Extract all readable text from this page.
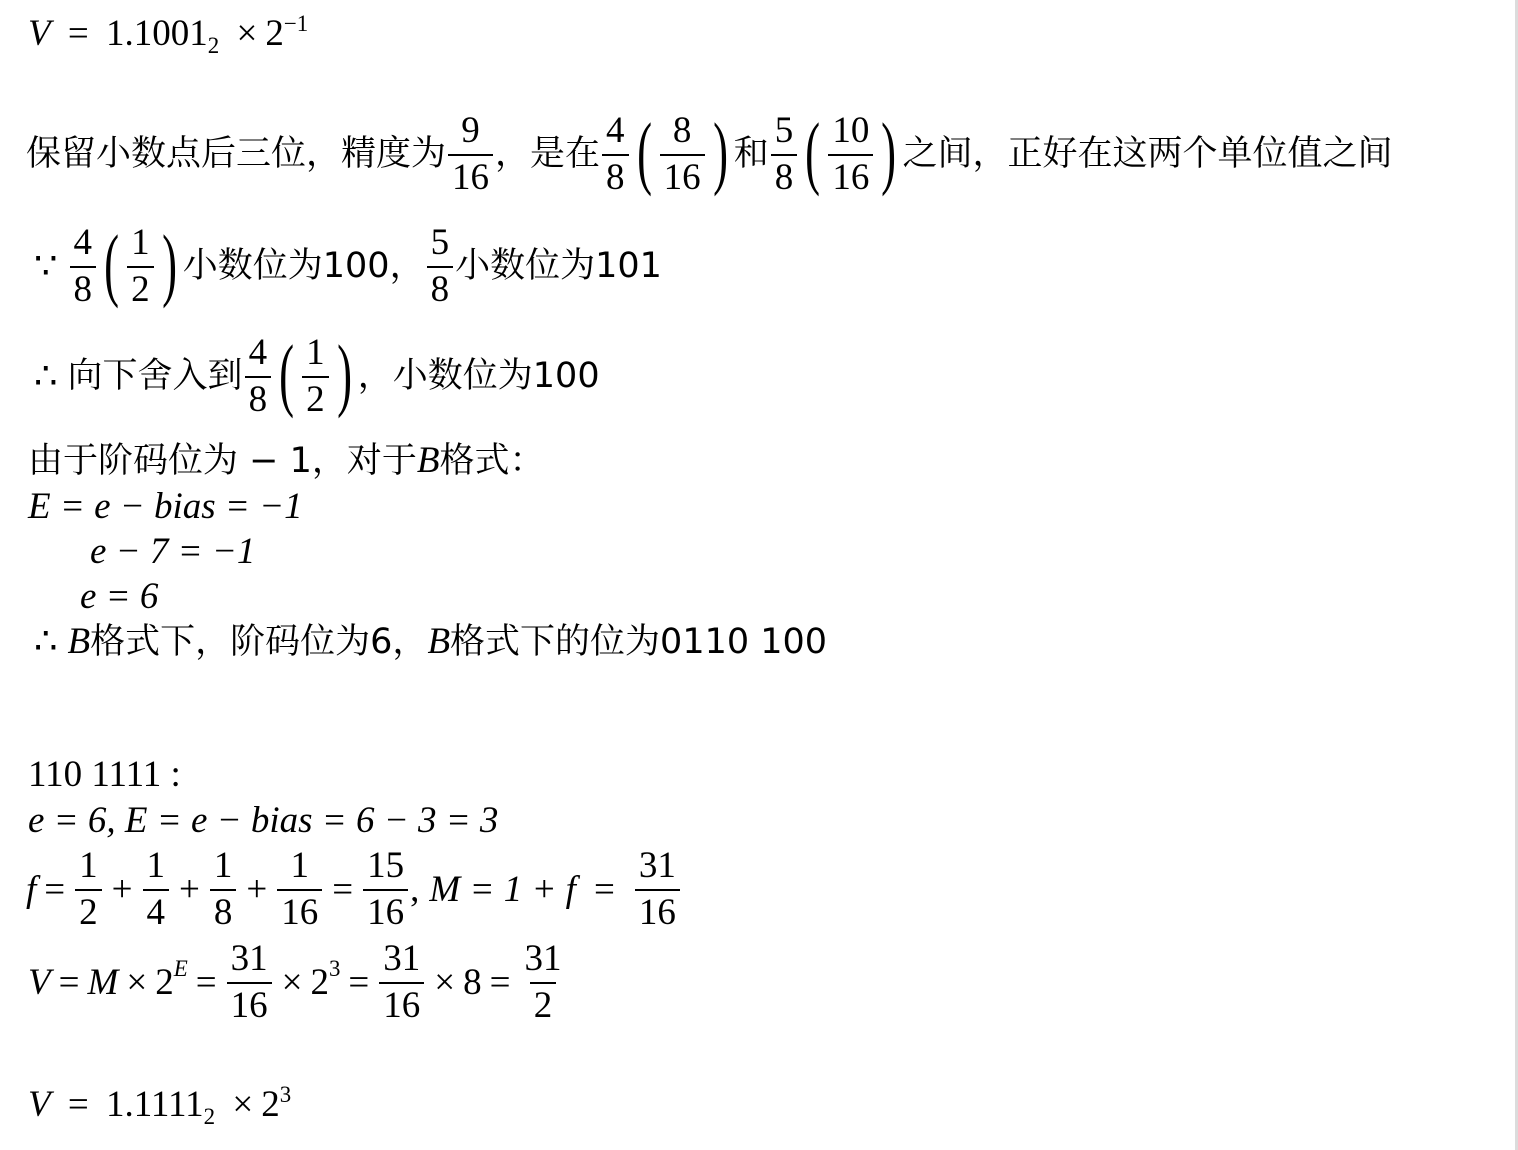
$V = 1.1001_2 \times 2^{-1}$
保留小数点后三位，精度为 $\frac{9}{16}$ ，是在 $\frac{4}{8}$ ( $\frac{8}{16}$ ) 和 $\frac{5}{8}$ ( $\frac{10}{16}$ ) 之间，正好在这两个单位值之间
∵ $\frac{4}{8}$ ( $\frac{1}{2}$ ) 小数位为100， $\frac{5}{8}$ 小数位为101
∴ 向下舍入到 $\frac{4}{8}$ ( $\frac{1}{2}$ ) ，小数位为100
由于阶码位为 − 1，对于B格式：
E = e − bias = −1
e − 7 = −1
e = 6
∴ B格式下，阶码位为6，B格式下的位为0110 100
110 1111 :
e = 6, E = e − bias = 6 − 3 = 3
$f = \frac{1}{2} + \frac{1}{4} + \frac{1}{8} + \frac{1}{16} = \frac{15}{16}$ , $M = 1 + f = \frac{31}{16}$
V = M × 2 $E = \frac{31}{16} \times 2$ $3 = \frac{31}{16} \times 8 = \frac{31}{2}$
$V = 1.1111_2 \times 2^3$
